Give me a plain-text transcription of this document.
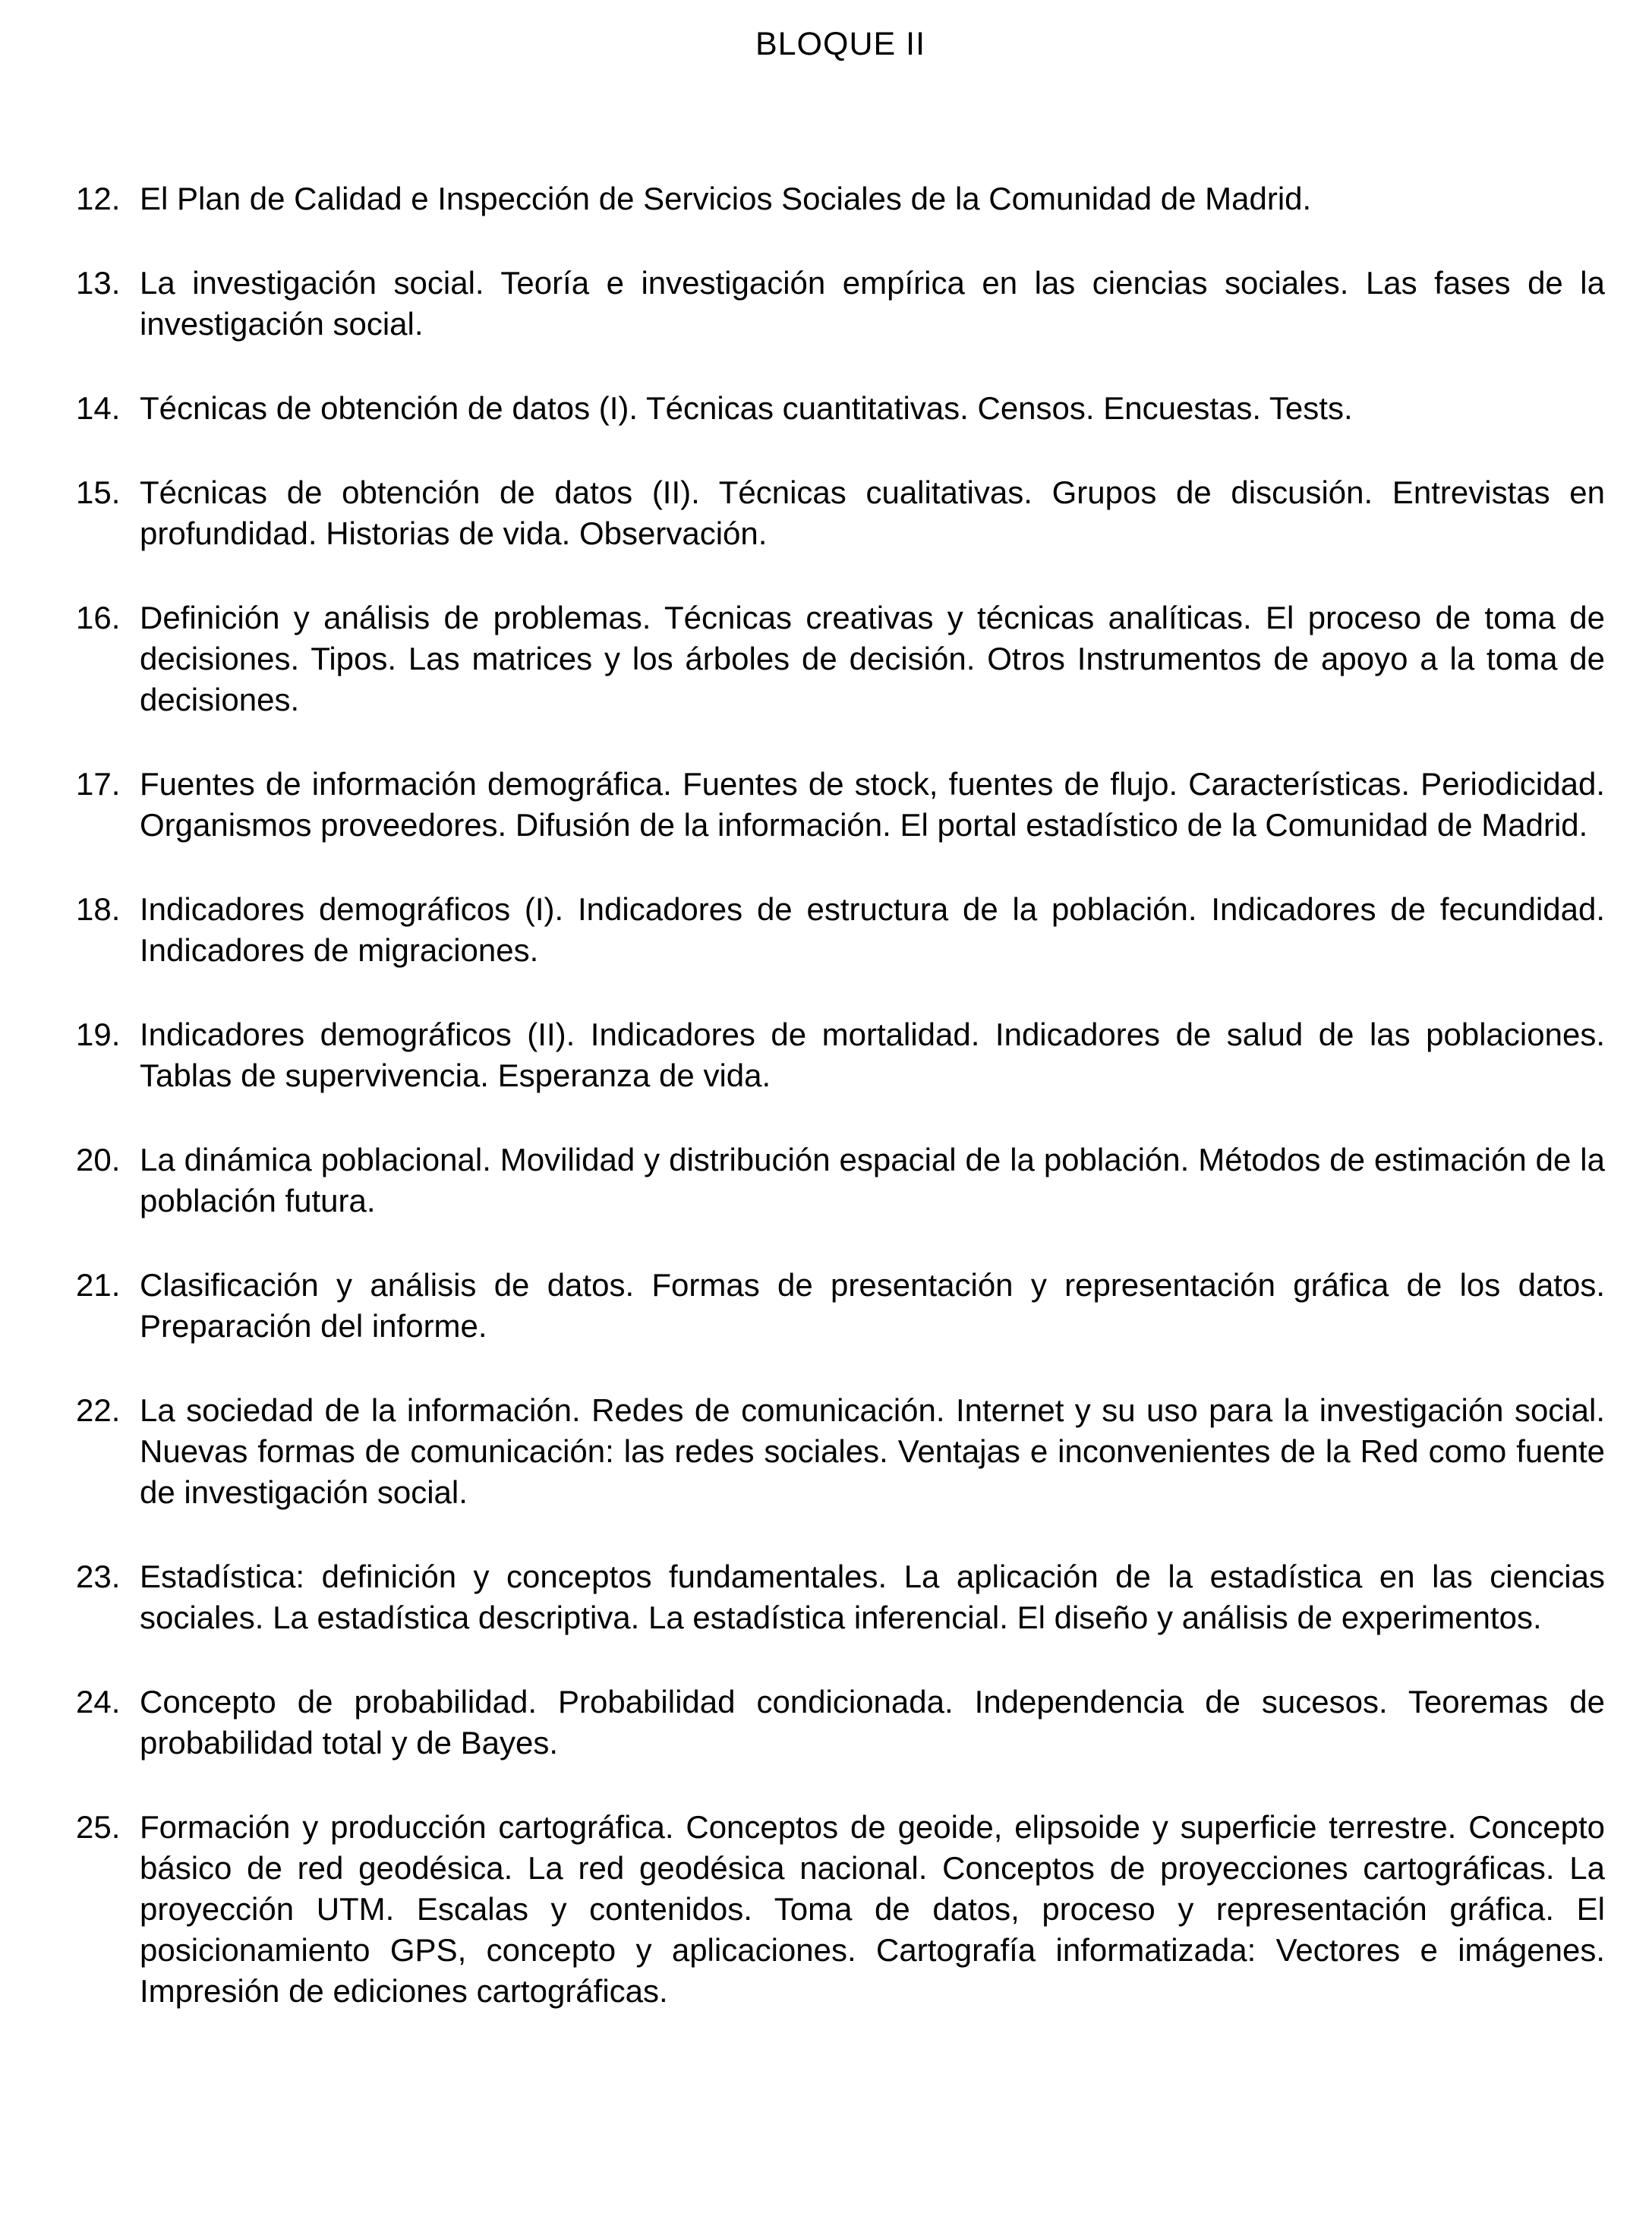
BLOQUE II

12. El Plan de Calidad e Inspección de Servicios Sociales de la Comunidad de Madrid.

13. La investigación social. Teoría e investigación empírica en las ciencias sociales. Las fases de la investigación social.

14. Técnicas de obtención de datos (I). Técnicas cuantitativas. Censos. Encuestas. Tests.

15. Técnicas de obtención de datos (II). Técnicas cualitativas. Grupos de discusión. Entrevistas en profundidad. Historias de vida. Observación.

16. Definición y análisis de problemas. Técnicas creativas y técnicas analíticas. El proceso de toma de decisiones. Tipos. Las matrices y los árboles de decisión. Otros Instrumentos de apoyo a la toma de decisiones.

17. Fuentes de información demográfica. Fuentes de stock, fuentes de flujo. Características. Periodicidad. Organismos proveedores. Difusión de la información. El portal estadístico de la Comunidad de Madrid.

18. Indicadores demográficos (I). Indicadores de estructura de la población. Indicadores de fecundidad. Indicadores de migraciones.

19. Indicadores demográficos (II). Indicadores de mortalidad. Indicadores de salud de las poblaciones. Tablas de supervivencia. Esperanza de vida.

20. La dinámica poblacional. Movilidad y distribución espacial de la población. Métodos de estimación de la población futura.

21. Clasificación y análisis de datos. Formas de presentación y representación gráfica de los datos. Preparación del informe.

22. La sociedad de la información. Redes de comunicación. Internet y su uso para la investigación social. Nuevas formas de comunicación: las redes sociales. Ventajas e inconvenientes de la Red como fuente de investigación social.

23. Estadística: definición y conceptos fundamentales. La aplicación de la estadística en las ciencias sociales. La estadística descriptiva. La estadística inferencial. El diseño y análisis de experimentos.

24. Concepto de probabilidad. Probabilidad condicionada. Independencia de sucesos. Teoremas de probabilidad total y de Bayes.

25. Formación y producción cartográfica. Conceptos de geoide, elipsoide y superficie terrestre. Concepto básico de red geodésica. La red geodésica nacional. Conceptos de proyecciones cartográficas. La proyección UTM. Escalas y contenidos. Toma de datos, proceso y representación gráfica. El posicionamiento GPS, concepto y aplicaciones. Cartografía informatizada: Vectores e imágenes. Impresión de ediciones cartográficas.
